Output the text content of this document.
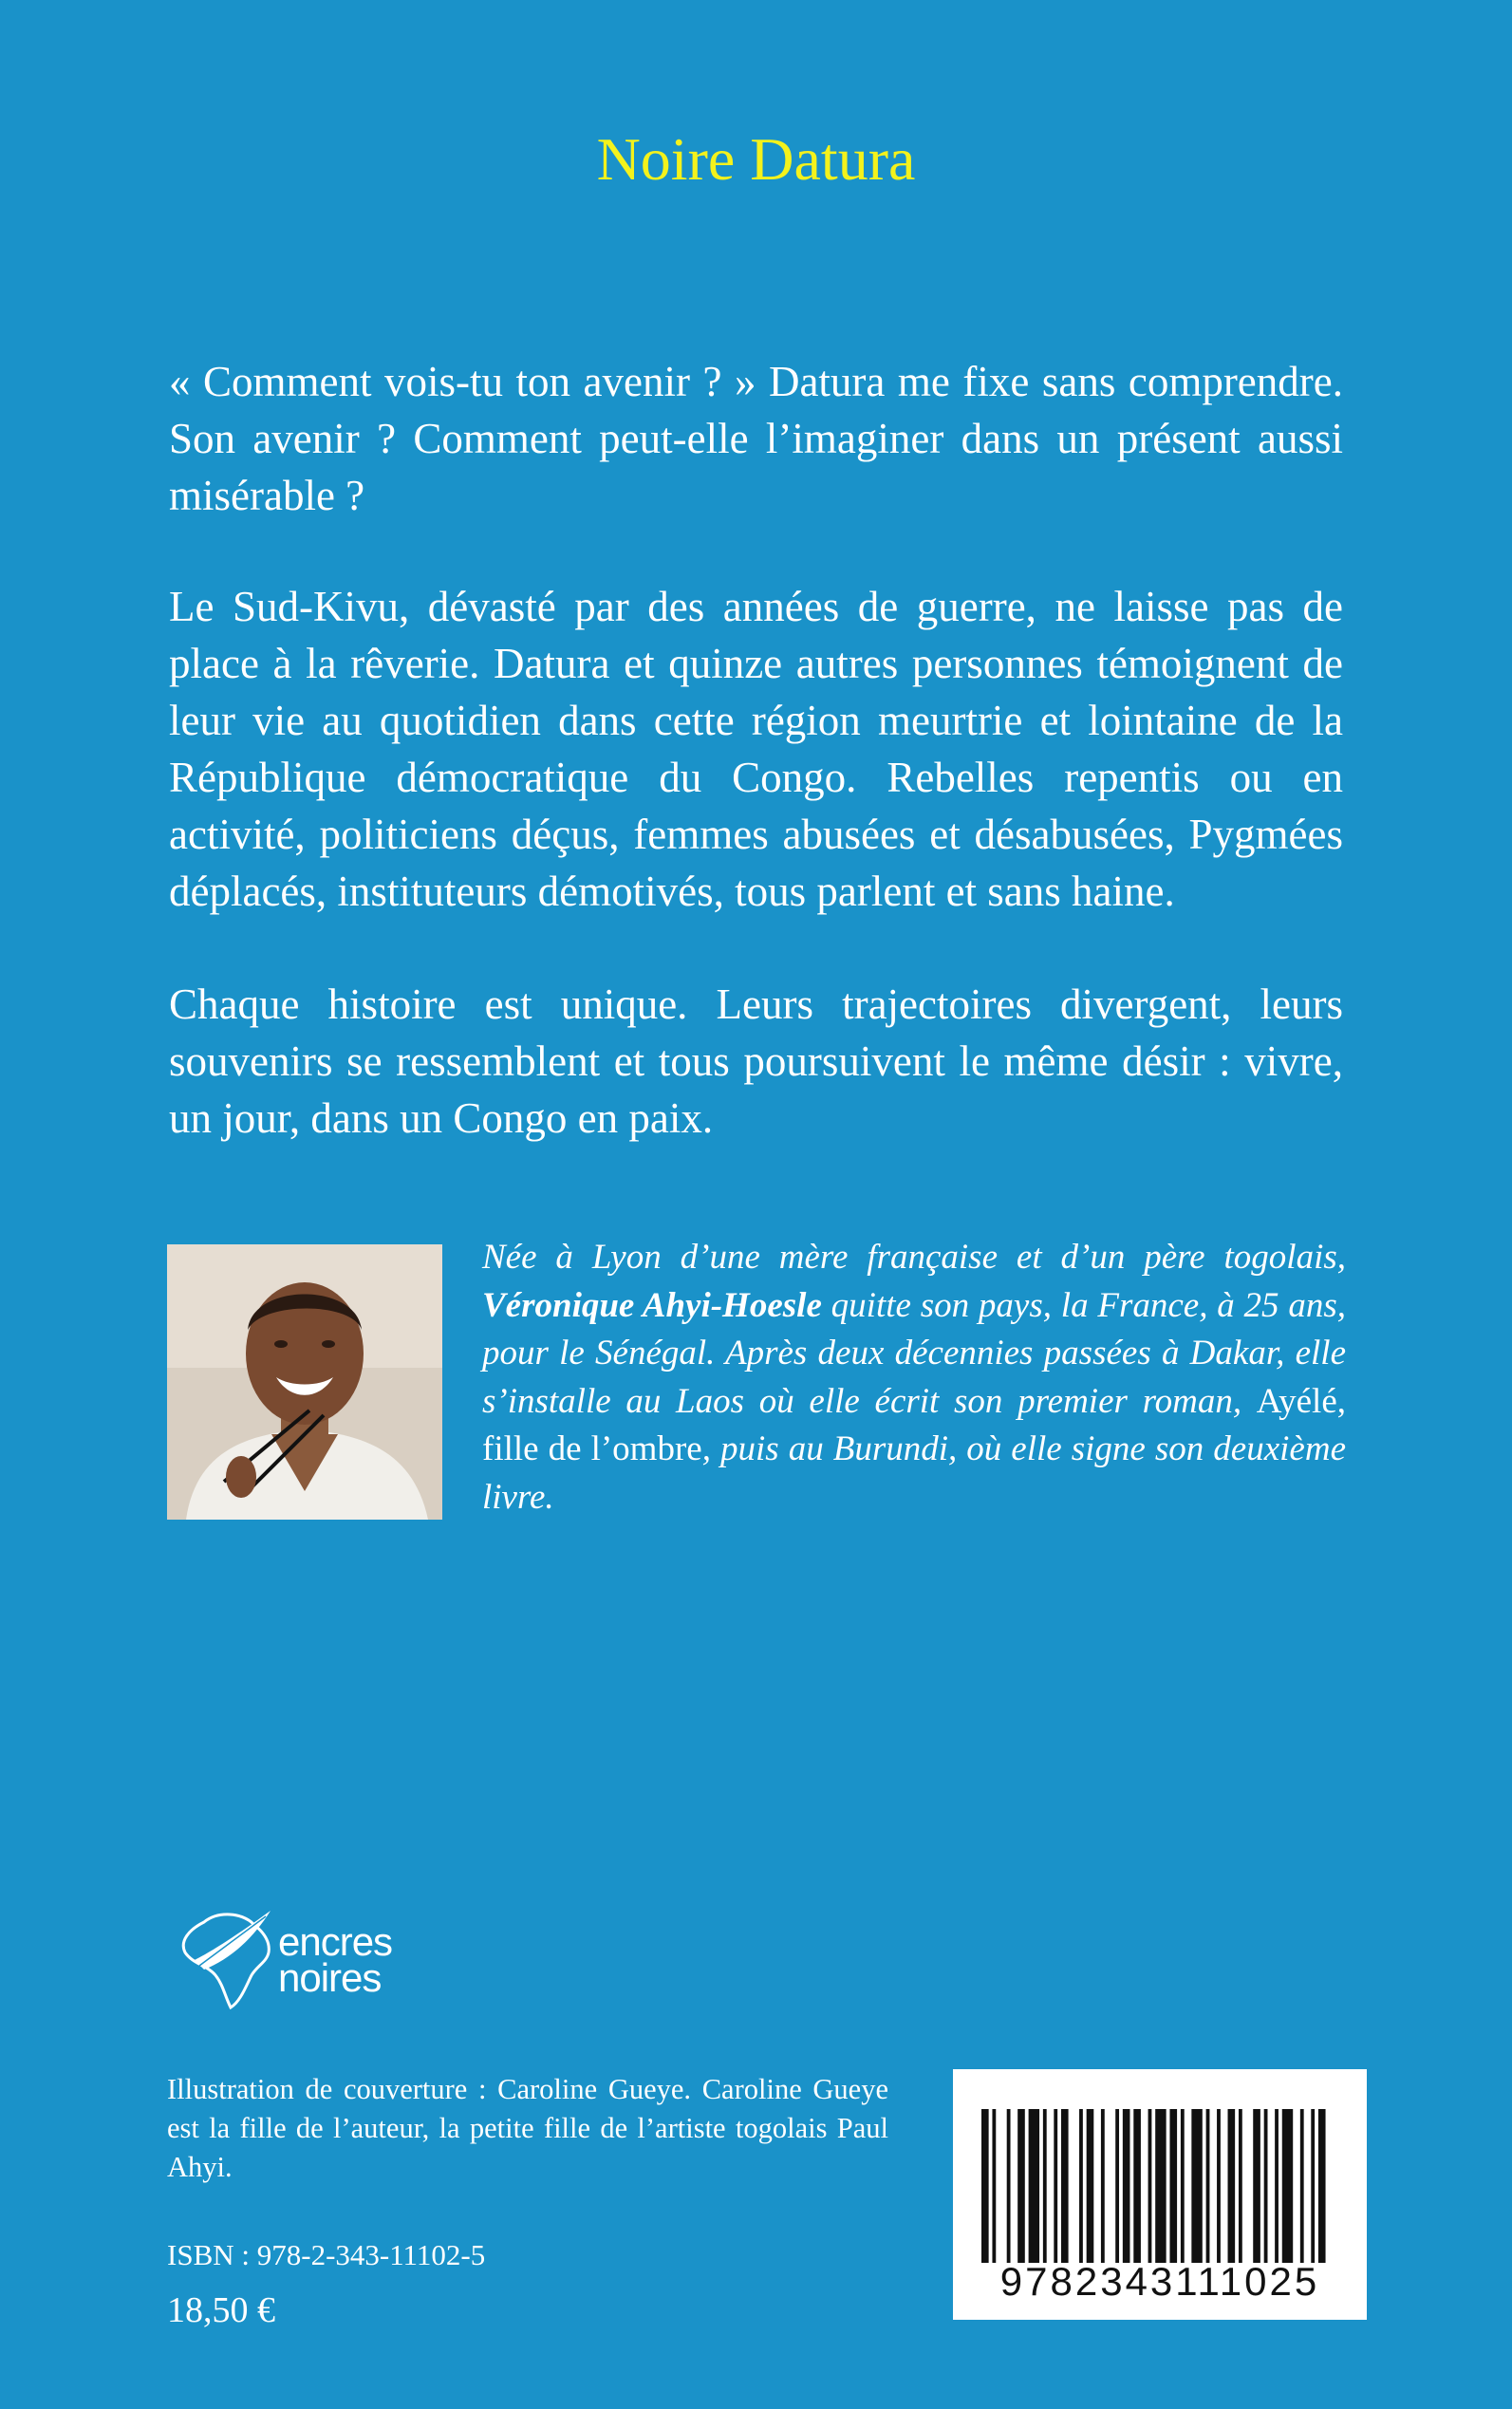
Noire Datura

« Comment vois-tu ton avenir ? » Datura me fixe sans comprendre. Son avenir ? Comment peut-elle l’imaginer dans un présent aussi misérable ?

Le Sud-Kivu, dévasté par des années de guerre, ne laisse pas de place à la rêverie. Datura et quinze autres personnes témoignent de leur vie au quotidien dans cette région meurtrie et lointaine de la République démocratique du Congo. Rebelles repentis ou en activité, politiciens déçus, femmes abusées et désabusées, Pygmées déplacés, instituteurs démotivés, tous parlent et sans haine.

Chaque histoire est unique. Leurs trajectoires divergent, leurs souvenirs se ressemblent et tous poursuivent le même désir : vivre, un jour, dans un Congo en paix.

Née à Lyon d’une mère française et d’un père togolais, Véronique Ahyi-Hoesle quitte son pays, la France, à 25 ans, pour le Sénégal. Après deux décennies passées à Dakar, elle s’installe au Laos où elle écrit son premier roman, Ayélé, fille de l’ombre, puis au Burundi, où elle signe son deuxième livre.

encres
noires

Illustration de couverture : Caroline Gueye. Caroline Gueye est la fille de l’auteur, la petite fille de l’artiste togolais Paul Ahyi.

ISBN : 978-2-343-11102-5
18,50 €
9782343111025
